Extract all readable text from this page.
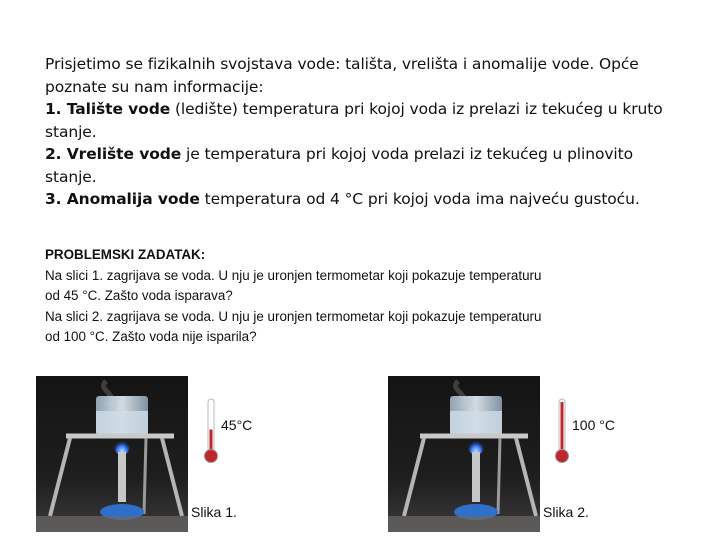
Prisjetimo se fizikalnih svojstava vode: tališta, vrelišta i anomalije vode. Opće poznate su nam informacije:

1. Talište vode (ledište) temperatura pri kojoj voda iz prelazi iz tekućeg u kruto stanje.

2. Vrelište vode je temperatura pri kojoj voda prelazi iz tekućeg u plinovito stanje.

3. Anomalija vode temperatura od 4 °C pri kojoj voda ima najveću gustoću.

PROBLEMSKI ZADATAK:

Na slici 1. zagrijava se voda. U nju je uronjen termometar koji pokazuje temperaturu

od 45 °C. Zašto voda isparava?

Na slici 2. zagrijava se voda. U nju je uronjen termometar koji pokazuje temperaturu

od 100 °C. Zašto voda nije isparila?

45°C
Slika 1.
100 °C
Slika 2.
